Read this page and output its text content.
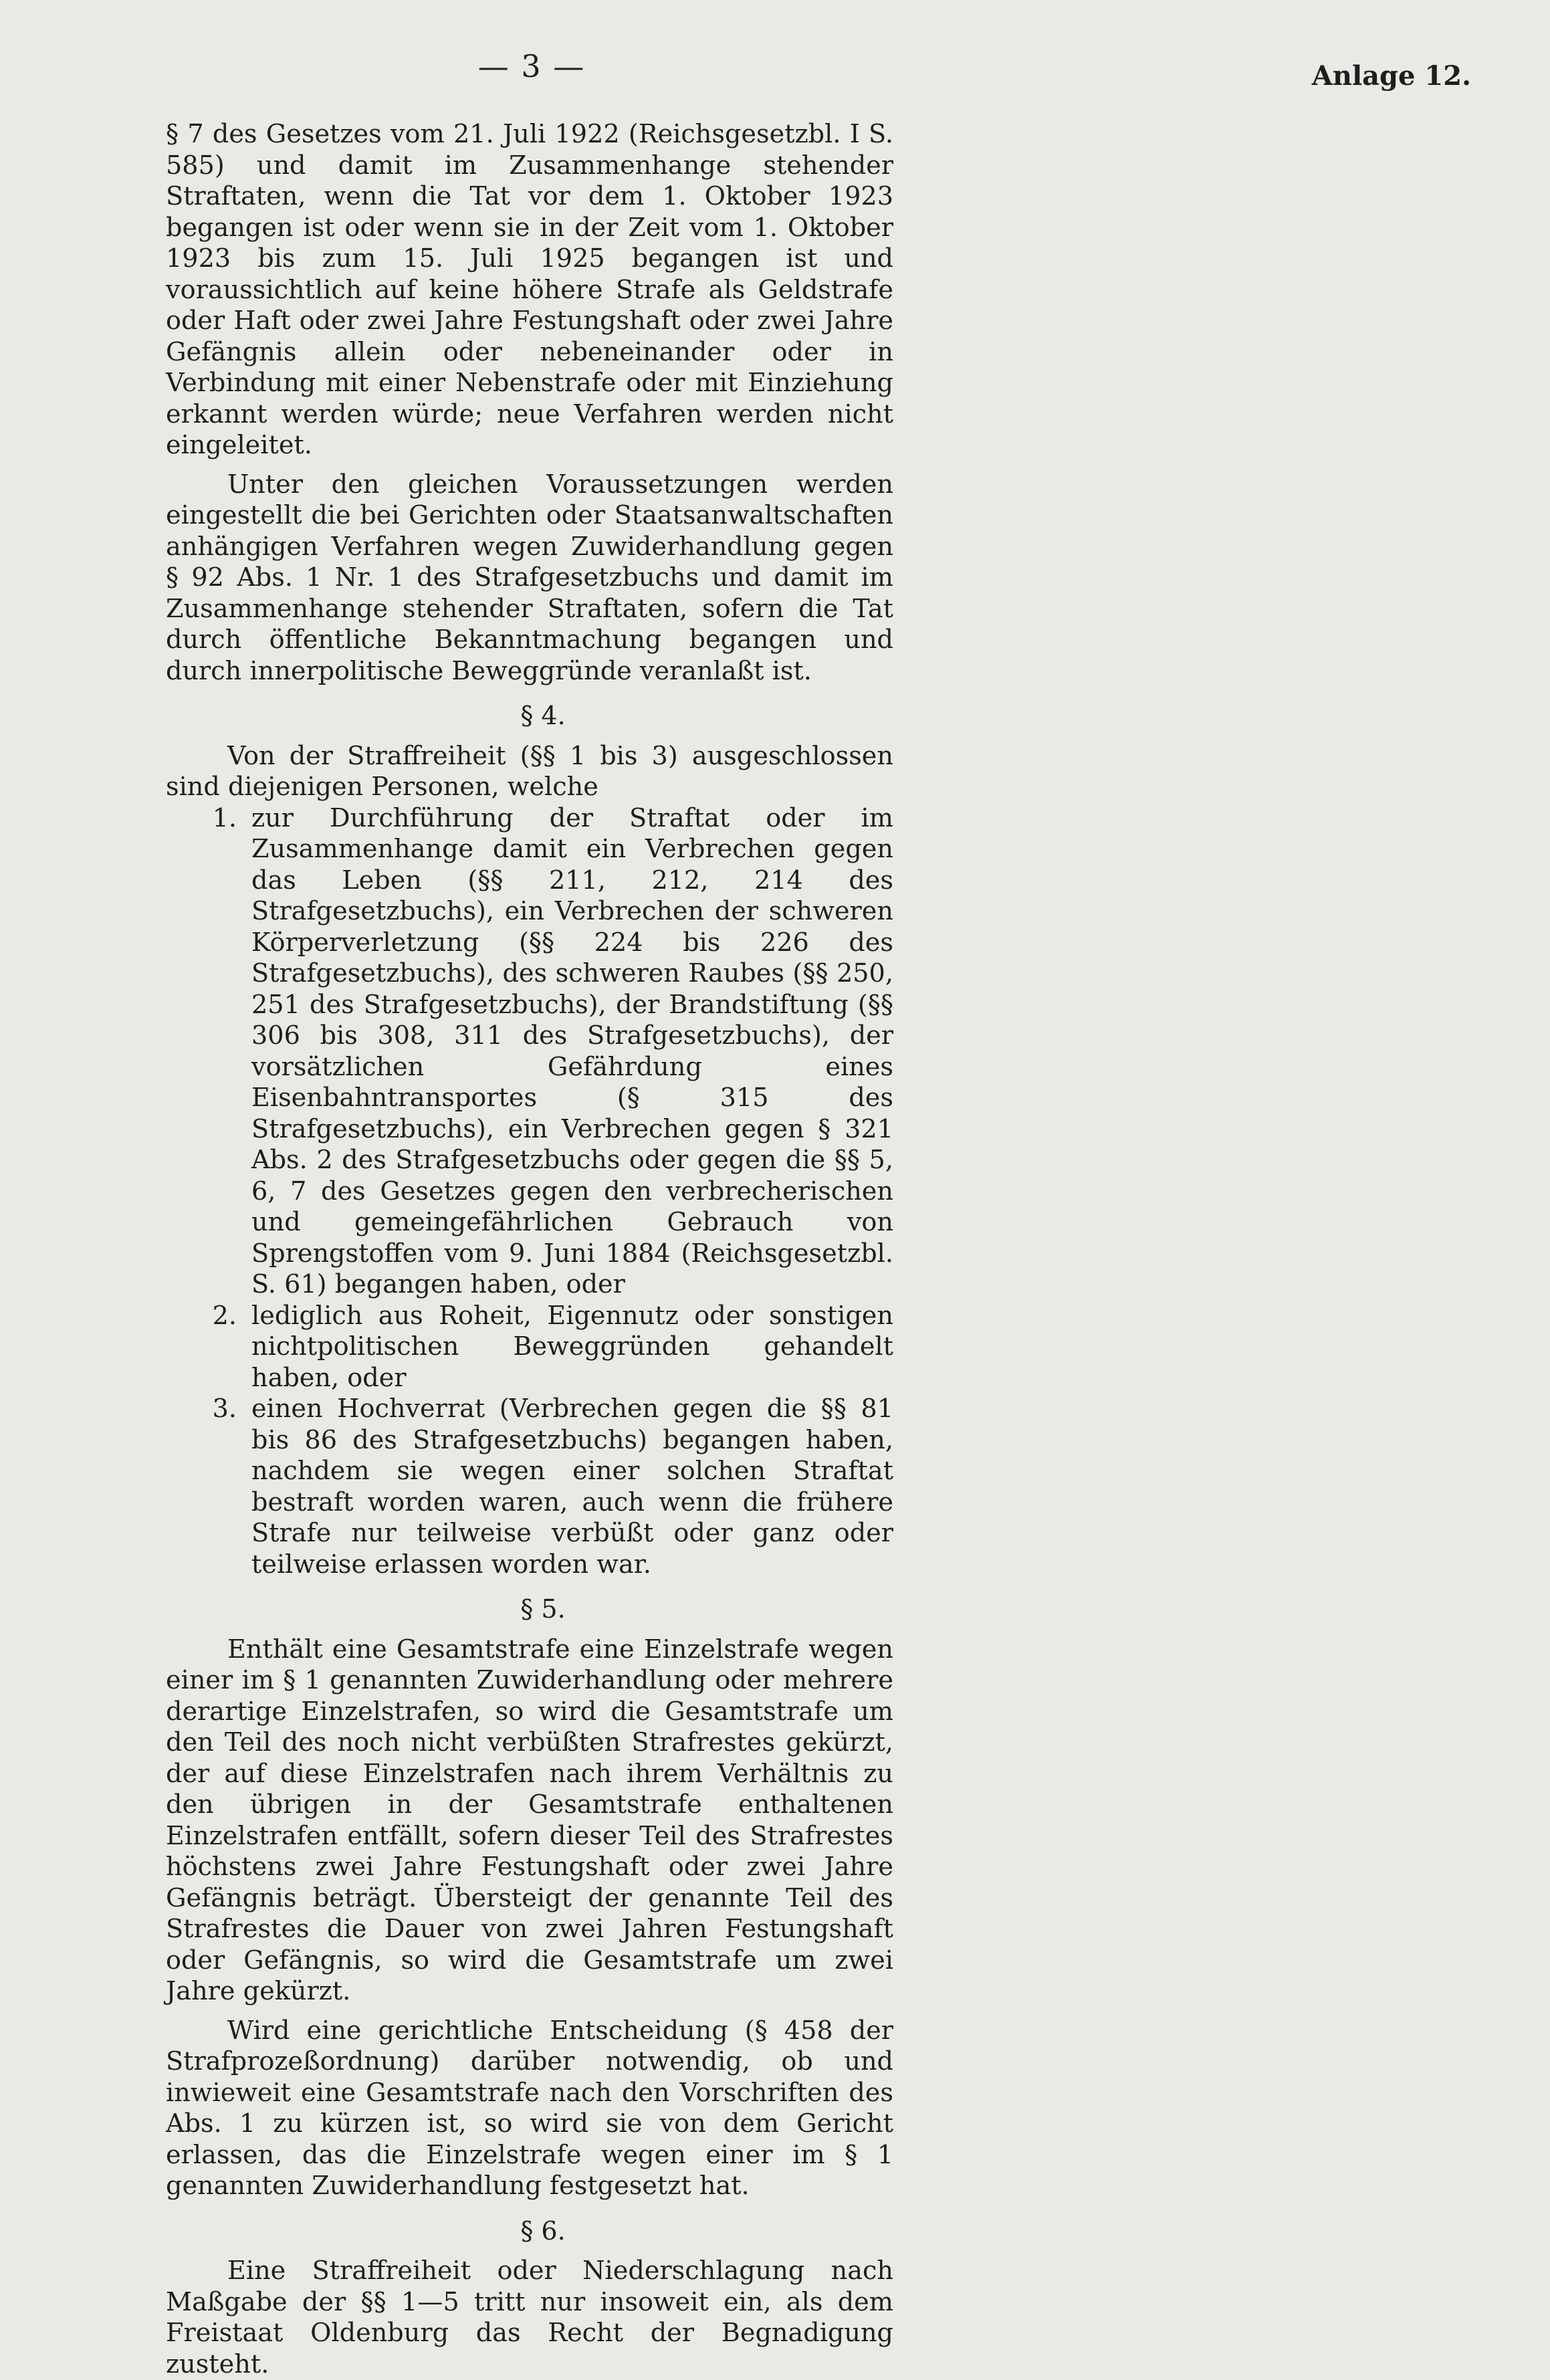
— 3 —	Anlage 12.

§ 7 des Gesetzes vom 21. Juli 1922 (Reichsgesetzbl. I S. 585) und damit im Zusammenhange stehender Straftaten, wenn die Tat vor dem 1. Oktober 1923 begangen ist oder wenn sie in der Zeit vom 1. Oktober 1923 bis zum 15. Juli 1925 begangen ist und voraussichtlich auf keine höhere Strafe als Geldstrafe oder Haft oder zwei Jahre Festungshaft oder zwei Jahre Gefängnis allein oder nebeneinander oder in Verbindung mit einer Nebenstrafe oder mit Einziehung erkannt werden würde; neue Verfahren werden nicht eingeleitet.

Unter den gleichen Voraussetzungen werden eingestellt die bei Gerichten oder Staatsanwaltschaften anhängigen Verfahren wegen Zuwiderhandlung gegen § 92 Abs. 1 Nr. 1 des Strafgesetzbuchs und damit im Zusammenhange stehender Straftaten, sofern die Tat durch öffentliche Bekanntmachung begangen und durch innerpolitische Beweggründe veranlaßt ist.

§ 4.

Von der Straffreiheit (§§ 1 bis 3) ausgeschlossen sind diejenigen Personen, welche

1. zur Durchführung der Straftat oder im Zusammenhange damit ein Verbrechen gegen das Leben (§§ 211, 212, 214 des Strafgesetzbuchs), ein Verbrechen der schweren Körperverletzung (§§ 224 bis 226 des Strafgesetzbuchs), des schweren Raubes (§§ 250, 251 des Strafgesetzbuchs), der Brandstiftung (§§ 306 bis 308, 311 des Strafgesetzbuchs), der vorsätzlichen Gefährdung eines Eisenbahntransportes (§ 315 des Strafgesetzbuchs), ein Verbrechen gegen § 321 Abs. 2 des Strafgesetzbuchs oder gegen die §§ 5, 6, 7 des Gesetzes gegen den verbrecherischen und gemeingefährlichen Gebrauch von Sprengstoffen vom 9. Juni 1884 (Reichsgesetzbl. S. 61) begangen haben, oder
2. lediglich aus Roheit, Eigennutz oder sonstigen nichtpolitischen Beweggründen gehandelt haben, oder
3. einen Hochverrat (Verbrechen gegen die §§ 81 bis 86 des Strafgesetzbuchs) begangen haben, nachdem sie wegen einer solchen Straftat bestraft worden waren, auch wenn die frühere Strafe nur teilweise verbüßt oder ganz oder teilweise erlassen worden war.
§ 5.

Enthält eine Gesamtstrafe eine Einzelstrafe wegen einer im § 1 genannten Zuwiderhandlung oder mehrere derartige Einzelstrafen, so wird die Gesamtstrafe um den Teil des noch nicht verbüßten Strafrestes gekürzt, der auf diese Einzelstrafen nach ihrem Verhältnis zu den übrigen in der Gesamtstrafe enthaltenen Einzelstrafen entfällt, sofern dieser Teil des Strafrestes höchstens zwei Jahre Festungshaft oder zwei Jahre Gefängnis beträgt. Übersteigt der genannte Teil des Strafrestes die Dauer von zwei Jahren Festungshaft oder Gefängnis, so wird die Gesamtstrafe um zwei Jahre gekürzt.

Wird eine gerichtliche Entscheidung (§ 458 der Strafprozeßordnung) darüber notwendig, ob und inwieweit eine Gesamtstrafe nach den Vorschriften des Abs. 1 zu kürzen ist, so wird sie von dem Gericht erlassen, das die Einzelstrafe wegen einer im § 1 genannten Zuwiderhandlung festgesetzt hat.

§ 6.

Eine Straffreiheit oder Niederschlagung nach Maßgabe der §§ 1—5 tritt nur insoweit ein, als dem Freistaat Oldenburg das Recht der Begnadigung zusteht.
